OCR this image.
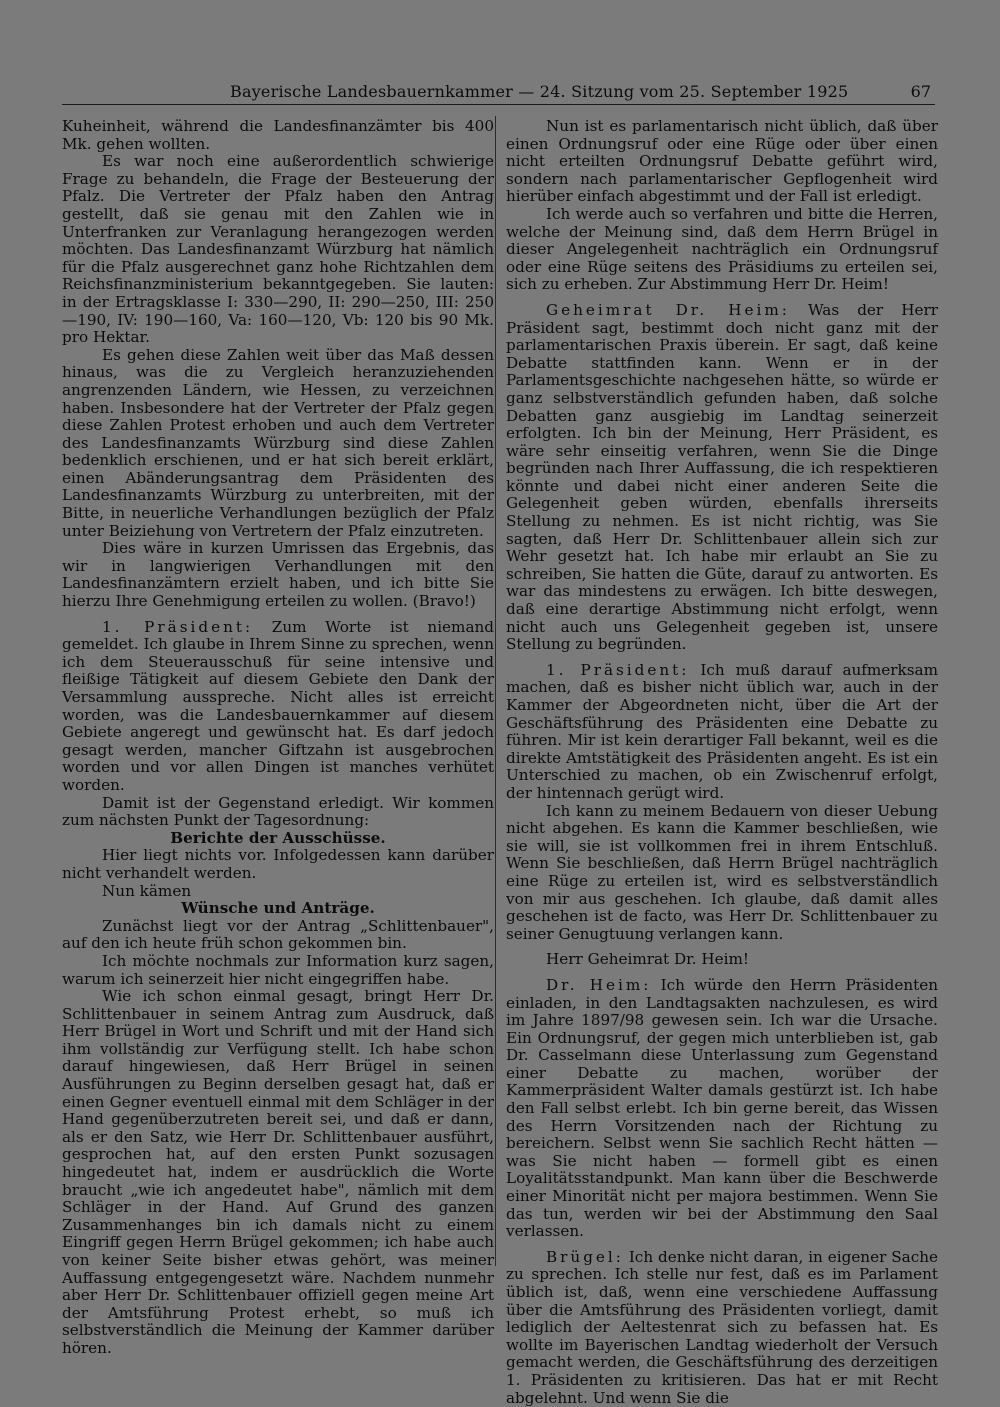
Bayerische Landesbauernkammer — 24. Sitzung vom 25. September 1925	67

Kuheinheit, während die Landesfinanzämter bis 400 Mk. gehen wollten.

Es war noch eine außerordentlich schwierige Frage zu behandeln, die Frage der Besteuerung der Pfalz. Die Vertreter der Pfalz haben den Antrag gestellt, daß sie genau mit den Zahlen wie in Unterfranken zur Veranlagung herangezogen werden möchten. Das Landesfinanzamt Würzburg hat nämlich für die Pfalz ausgerechnet ganz hohe Richtzahlen dem Reichsfinanzministerium bekanntgegeben. Sie lauten: in der Ertragsklasse I: 330—290, II: 290—250, III: 250—190, IV: 190—160, Va: 160—120, Vb: 120 bis 90 Mk. pro Hektar.

Es gehen diese Zahlen weit über das Maß dessen hinaus, was die zu Vergleich heranzuziehenden angrenzenden Ländern, wie Hessen, zu verzeichnen haben. Insbesondere hat der Vertreter der Pfalz gegen diese Zahlen Protest erhoben und auch dem Vertreter des Landesfinanzamts Würzburg sind diese Zahlen bedenklich erschienen, und er hat sich bereit erklärt, einen Abänderungsantrag dem Präsidenten des Landesfinanzamts Würzburg zu unterbreiten, mit der Bitte, in neuerliche Verhandlungen bezüglich der Pfalz unter Beiziehung von Vertretern der Pfalz einzutreten.

Dies wäre in kurzen Umrissen das Ergebnis, das wir in langwierigen Verhandlungen mit den Landesfinanzämtern erzielt haben, und ich bitte Sie hierzu Ihre Genehmigung erteilen zu wollen. (Bravo!)

1. Präsident: Zum Worte ist niemand gemeldet. Ich glaube in Ihrem Sinne zu sprechen, wenn ich dem Steuerausschuß für seine intensive und fleißige Tätigkeit auf diesem Gebiete den Dank der Versammlung ausspreche. Nicht alles ist erreicht worden, was die Landesbauernkammer auf diesem Gebiete angeregt und gewünscht hat. Es darf jedoch gesagt werden, mancher Giftzahn ist ausgebrochen worden und vor allen Dingen ist manches verhütet worden.

Damit ist der Gegenstand erledigt. Wir kommen zum nächsten Punkt der Tagesordnung:

Berichte der Ausschüsse.

Hier liegt nichts vor. Infolgedessen kann darüber nicht verhandelt werden.

Nun kämen

Wünsche und Anträge.

Zunächst liegt vor der Antrag „Schlittenbauer", auf den ich heute früh schon gekommen bin.

Ich möchte nochmals zur Information kurz sagen, warum ich seinerzeit hier nicht eingegriffen habe.

Wie ich schon einmal gesagt, bringt Herr Dr. Schlittenbauer in seinem Antrag zum Ausdruck, daß Herr Brügel in Wort und Schrift und mit der Hand sich ihm vollständig zur Verfügung stellt. Ich habe schon darauf hingewiesen, daß Herr Brügel in seinen Ausführungen zu Beginn derselben gesagt hat, daß er einen Gegner eventuell einmal mit dem Schläger in der Hand gegenüberzutreten bereit sei, und daß er dann, als er den Satz, wie Herr Dr. Schlittenbauer ausführt, gesprochen hat, auf den ersten Punkt sozusagen hingedeutet hat, indem er ausdrücklich die Worte braucht „wie ich angedeutet habe", nämlich mit dem Schläger in der Hand. Auf Grund des ganzen Zusammenhanges bin ich damals nicht zu einem Eingriff gegen Herrn Brügel gekommen; ich habe auch von keiner Seite bisher etwas gehört, was meiner Auffassung entgegengesetzt wäre. Nachdem nunmehr aber Herr Dr. Schlittenbauer offiziell gegen meine Art der Amtsführung Protest erhebt, so muß ich selbstverständlich die Meinung der Kammer darüber hören.

Nun ist es parlamentarisch nicht üblich, daß über einen Ordnungsruf oder eine Rüge oder über einen nicht erteilten Ordnungsruf Debatte geführt wird, sondern nach parlamentarischer Gepflogenheit wird hierüber einfach abgestimmt und der Fall ist erledigt.

Ich werde auch so verfahren und bitte die Herren, welche der Meinung sind, daß dem Herrn Brügel in dieser Angelegenheit nachträglich ein Ordnungsruf oder eine Rüge seitens des Präsidiums zu erteilen sei, sich zu erheben. Zur Abstimmung Herr Dr. Heim!

Geheimrat Dr. Heim: Was der Herr Präsident sagt, bestimmt doch nicht ganz mit der parlamentarischen Praxis überein. Er sagt, daß keine Debatte stattfinden kann. Wenn er in der Parlamentsgeschichte nachgesehen hätte, so würde er ganz selbstverständlich gefunden haben, daß solche Debatten ganz ausgiebig im Landtag seinerzeit erfolgten. Ich bin der Meinung, Herr Präsident, es wäre sehr einseitig verfahren, wenn Sie die Dinge begründen nach Ihrer Auffassung, die ich respektieren könnte und dabei nicht einer anderen Seite die Gelegenheit geben würden, ebenfalls ihrerseits Stellung zu nehmen. Es ist nicht richtig, was Sie sagten, daß Herr Dr. Schlittenbauer allein sich zur Wehr gesetzt hat. Ich habe mir erlaubt an Sie zu schreiben, Sie hatten die Güte, darauf zu antworten. Es war das mindestens zu erwägen. Ich bitte deswegen, daß eine derartige Abstimmung nicht erfolgt, wenn nicht auch uns Gelegenheit gegeben ist, unsere Stellung zu begründen.

1. Präsident: Ich muß darauf aufmerksam machen, daß es bisher nicht üblich war, auch in der Kammer der Abgeordneten nicht, über die Art der Geschäftsführung des Präsidenten eine Debatte zu führen. Mir ist kein derartiger Fall bekannt, weil es die direkte Amtstätigkeit des Präsidenten angeht. Es ist ein Unterschied zu machen, ob ein Zwischenruf erfolgt, der hintennach gerügt wird.

Ich kann zu meinem Bedauern von dieser Uebung nicht abgehen. Es kann die Kammer beschließen, wie sie will, sie ist vollkommen frei in ihrem Entschluß. Wenn Sie beschließen, daß Herrn Brügel nachträglich eine Rüge zu erteilen ist, wird es selbstverständlich von mir aus geschehen. Ich glaube, daß damit alles geschehen ist de facto, was Herr Dr. Schlittenbauer zu seiner Genugtuung verlangen kann.

Herr Geheimrat Dr. Heim!

Dr. Heim: Ich würde den Herrn Präsidenten einladen, in den Landtagsakten nachzulesen, es wird im Jahre 1897/98 gewesen sein. Ich war die Ursache. Ein Ordnungsruf, der gegen mich unterblieben ist, gab Dr. Casselmann diese Unterlassung zum Gegenstand einer Debatte zu machen, worüber der Kammerpräsident Walter damals gestürzt ist. Ich habe den Fall selbst erlebt. Ich bin gerne bereit, das Wissen des Herrn Vorsitzenden nach der Richtung zu bereichern. Selbst wenn Sie sachlich Recht hätten — was Sie nicht haben — formell gibt es einen Loyalitätsstandpunkt. Man kann über die Beschwerde einer Minorität nicht per majora bestimmen. Wenn Sie das tun, werden wir bei der Abstimmung den Saal verlassen.

Brügel: Ich denke nicht daran, in eigener Sache zu sprechen. Ich stelle nur fest, daß es im Parlament üblich ist, daß, wenn eine verschiedene Auffassung über die Amtsführung des Präsidenten vorliegt, damit lediglich der Aeltestenrat sich zu befassen hat. Es wollte im Bayerischen Landtag wiederholt der Versuch gemacht werden, die Geschäftsführung des derzeitigen 1. Präsidenten zu kritisieren. Das hat er mit Recht abgelehnt. Und wenn Sie die
